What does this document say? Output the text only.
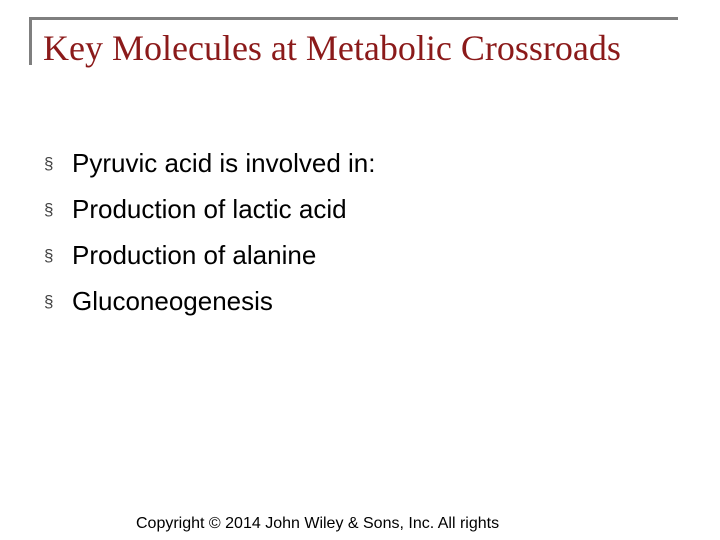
Key Molecules at Metabolic Crossroads
§ Pyruvic acid is involved in:
§ Production of lactic acid
§ Production of alanine
§ Gluconeogenesis
Copyright © 2014 John Wiley & Sons, Inc. All rights
